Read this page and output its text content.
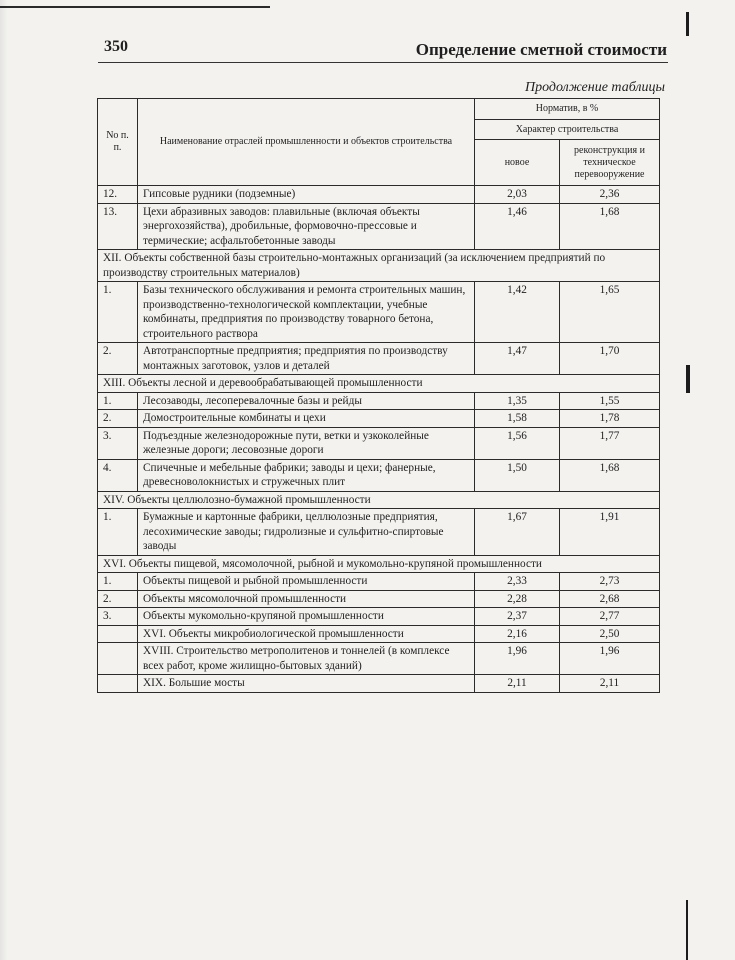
350	Определение сметной стоимости
Продолжение таблицы
No п. п.	Наименование отраслей промышленности и объектов строительства	Норматив, в %	
		Характер строительства	
		новое	реконструкция и техническое перевооружение
12.	Гипсовые рудники (подземные)	2,03	2,36
13.	Цехи абразивных заводов: плавильные (включая объекты энергохозяйства), дробильные, формовочно-прессовые и термические; асфальтобетонные заводы	1,46	1,68
XII. Объекты собственной базы строительно-монтажных организаций (за исключением предприятий по производству строительных материалов)			
1.	Базы технического обслуживания и ремонта строительных машин, производственно-технологической комплектации, учебные комбинаты, предприятия по производству товарного бетона, строительного раствора	1,42	1,65
2.	Автотранспортные предприятия; предприятия по производству монтажных заготовок, узлов и деталей	1,47	1,70
XIII. Объекты лесной и деревообрабатывающей промышленности			
1.	Лесозаводы, лесоперевалочные базы и рейды	1,35	1,55
2.	Домостроительные комбинаты и цехи	1,58	1,78
3.	Подъездные железнодорожные пути, ветки и узкоколейные железные дороги; лесовозные дороги	1,56	1,77
4.	Спичечные и мебельные фабрики; заводы и цехи; фанерные, древесноволокнистых и стружечных плит	1,50	1,68
XIV. Объекты целлюлозно-бумажной промышленности			
1.	Бумажные и картонные фабрики, целлюлозные предприятия, лесохимические заводы; гидролизные и сульфитно-спиртовые заводы	1,67	1,91
XVI. Объекты пищевой, мясомолочной, рыбной и мукомольно-крупяной промышленности			
1.	Объекты пищевой и рыбной промышленности	2,33	2,73
2.	Объекты мясомолочной промышленности	2,28	2,68
3.	Объекты мукомольно-крупяной промышленности	2,37	2,77
	XVI. Объекты микробиологической промышленности	2,16	2,50
	XVIII. Строительство метрополитенов и тоннелей (в комплексе всех работ, кроме жилищно-бытовых зданий)	1,96	1,96
	XIX. Большие мосты	2,11	2,11
